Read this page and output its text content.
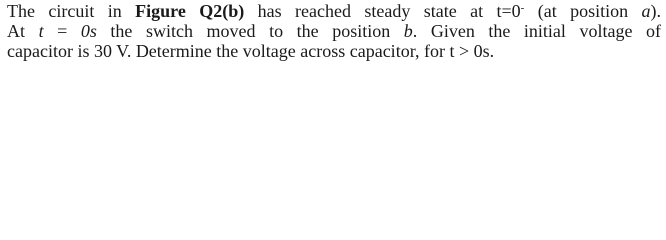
The circuit in Figure Q2(b) has reached steady state at t=0- (at position a).
At t = 0s the switch moved to the position b. Given the initial voltage of
capacitor is 30 V. Determine the voltage across capacitor, for t > 0s.
